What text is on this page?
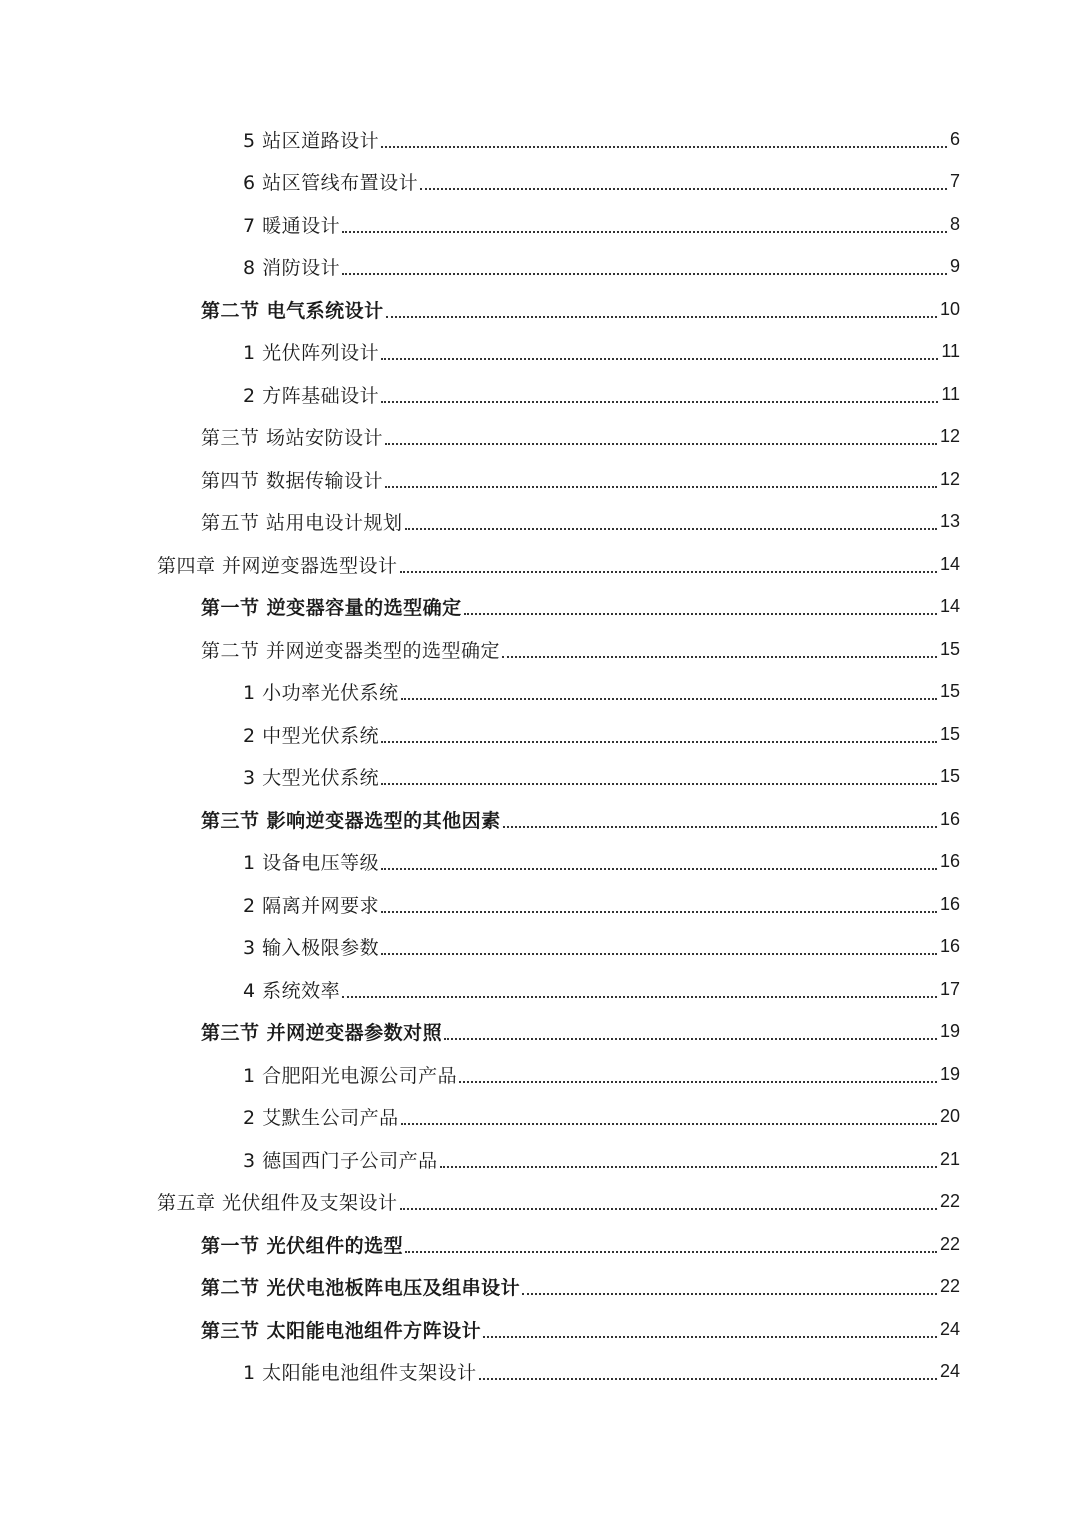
5 站区道路设计	6
6 站区管线布置设计	7
7 暖通设计	8
8 消防设计	9
第二节 电气系统设计	10
1 光伏阵列设计	11
2 方阵基础设计	11
第三节 场站安防设计	12
第四节 数据传输设计	12
第五节 站用电设计规划	13
第四章 并网逆变器选型设计	14
第一节 逆变器容量的选型确定	14
第二节 并网逆变器类型的选型确定	15
1 小功率光伏系统	15
2 中型光伏系统	15
3 大型光伏系统	15
第三节 影响逆变器选型的其他因素	16
1 设备电压等级	16
2 隔离并网要求	16
3 输入极限参数	16
4 系统效率	17
第三节 并网逆变器参数对照	19
1 合肥阳光电源公司产品	19
2 艾默生公司产品	20
3 德国西门子公司产品	21
第五章 光伏组件及支架设计	22
第一节 光伏组件的选型	22
第二节 光伏电池板阵电压及组串设计	22
第三节 太阳能电池组件方阵设计	24
1 太阳能电池组件支架设计	24
